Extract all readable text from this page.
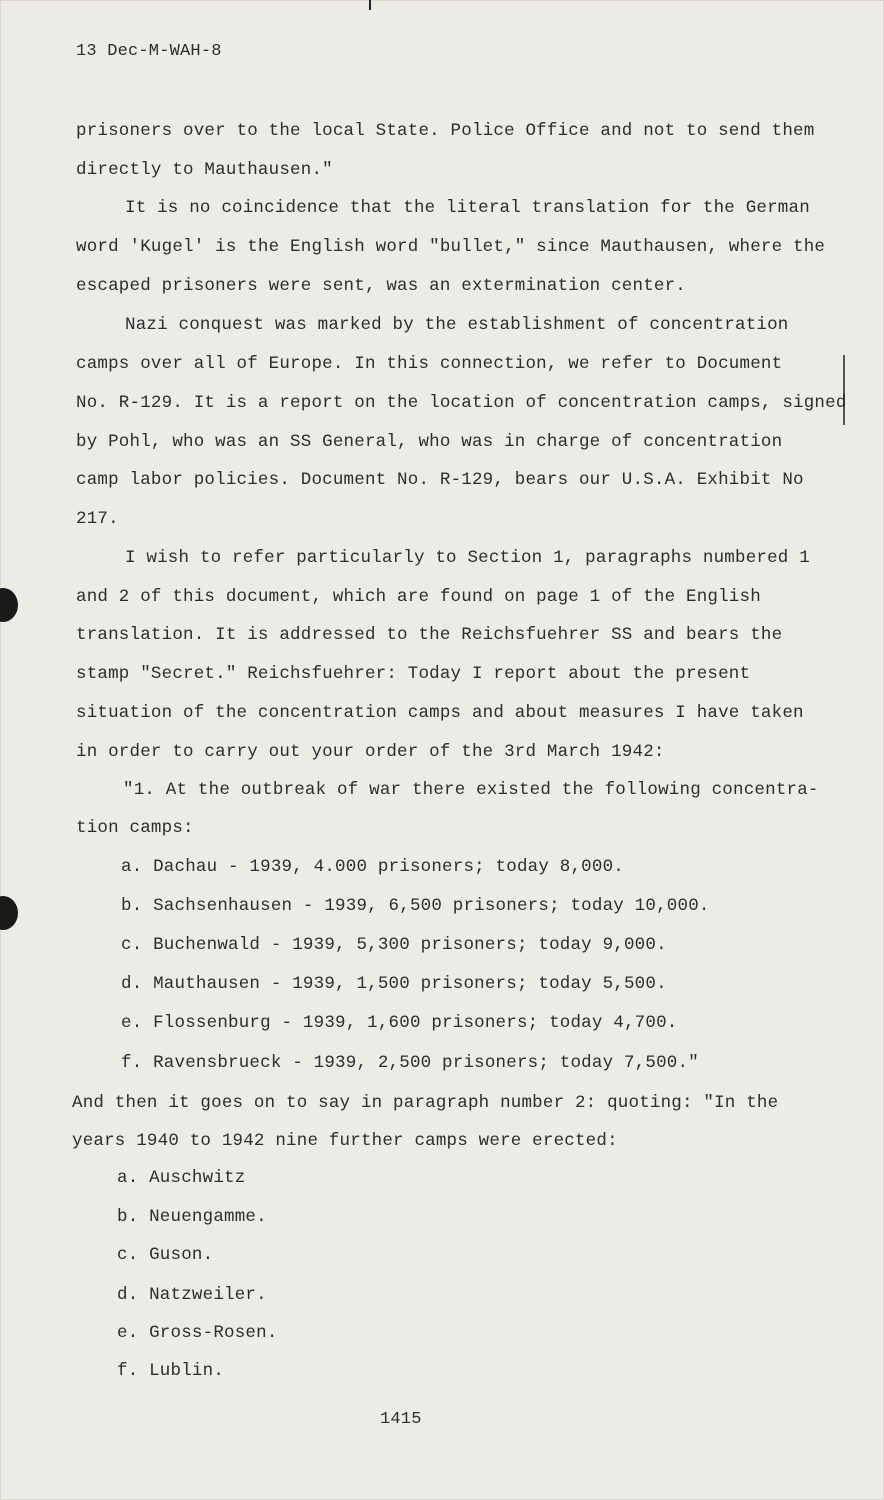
13 Dec-M-WAH-8
prisoners over to the local State. Police Office and not to send them
directly to Mauthausen."
It is no coincidence that the literal translation for the German
word 'Kugel' is the English word "bullet," since Mauthausen, where the
escaped prisoners were sent, was an extermination center.
Nazi conquest was marked by the establishment of concentration
camps over all of Europe. In this connection, we refer to Document
No. R-129. It is a report on the location of concentration camps, signed
by Pohl, who was an SS General, who was in charge of concentration
camp labor policies. Document No. R-129, bears our U.S.A. Exhibit No
217.
I wish to refer particularly to Section 1, paragraphs numbered 1
and 2 of this document, which are found on page 1 of the English
translation. It is addressed to the Reichsfuehrer SS and bears the
stamp "Secret." Reichsfuehrer: Today I report about the present
situation of the concentration camps and about measures I have taken
in order to carry out your order of the 3rd March 1942:
"1. At the outbreak of war there existed the following concentra-
tion camps:
a. Dachau - 1939, 4.000 prisoners; today 8,000.
b. Sachsenhausen - 1939, 6,500 prisoners; today 10,000.
c. Buchenwald - 1939, 5,300 prisoners; today 9,000.
d. Mauthausen - 1939, 1,500 prisoners; today 5,500.
e. Flossenburg - 1939, 1,600 prisoners; today 4,700.
f. Ravensbrueck - 1939, 2,500 prisoners; today 7,500."
And then it goes on to say in paragraph number 2: quoting: "In the
years 1940 to 1942 nine further camps were erected:
a. Auschwitz
b. Neuengamme.
c. Guson.
d. Natzweiler.
e. Gross-Rosen.
f. Lublin.
1415
